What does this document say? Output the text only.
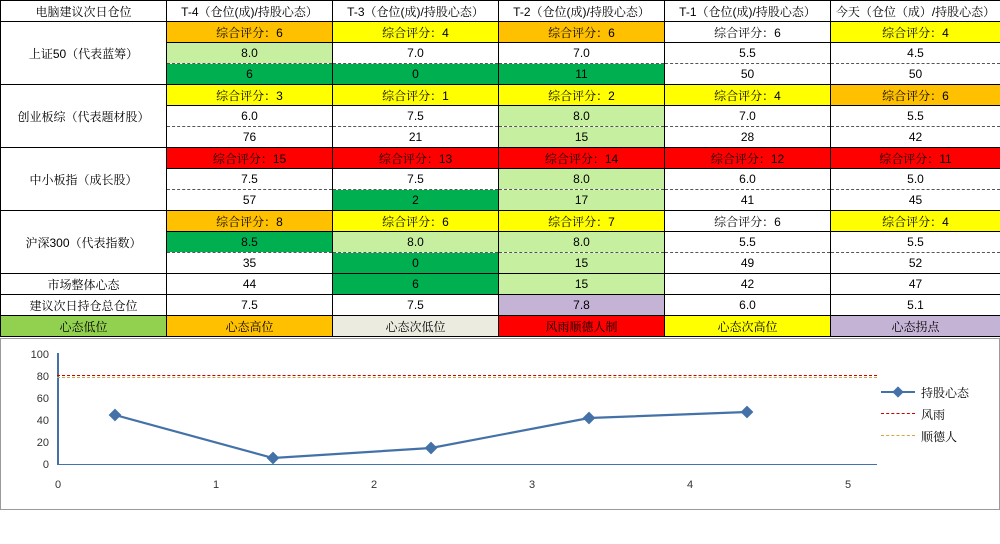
电脑建议次日仓位	T-4（仓位(成)/持股心态）	T-3（仓位(成)/持股心态）	T-2（仓位(成)/持股心态）	T-1（仓位(成)/持股心态）	今天（仓位（成）/持股心态）
上证50（代表蓝筹）	综合评分：6	综合评分：4	综合评分：6	综合评分：6	综合评分：4
	8.0	7.0	7.0	5.5	4.5
	6	0	11	50	50
创业板综（代表题材股）	综合评分：3	综合评分：1	综合评分：2	综合评分：4	综合评分：6
	6.0	7.5	8.0	7.0	5.5
	76	21	15	28	42
中小板指（成长股）	综合评分：15	综合评分：13	综合评分：14	综合评分：12	综合评分：11
	7.5	7.5	8.0	6.0	5.0
	57	2	17	41	45
沪深300（代表指数）	综合评分：8	综合评分：6	综合评分：7	综合评分：6	综合评分：4
	8.5	8.0	8.0	5.5	5.5
	35	0	15	49	52
市场整体心态	44	6	15	42	47
建议次日持仓总仓位	7.5	7.5	7.8	6.0	5.1
心态低位	心态高位	心态次低位	风雨顺德人制	心态次高位	心态拐点
0
20
40
60
80
100
0	1	2	3	4	5
持股心态
风雨
顺德人
